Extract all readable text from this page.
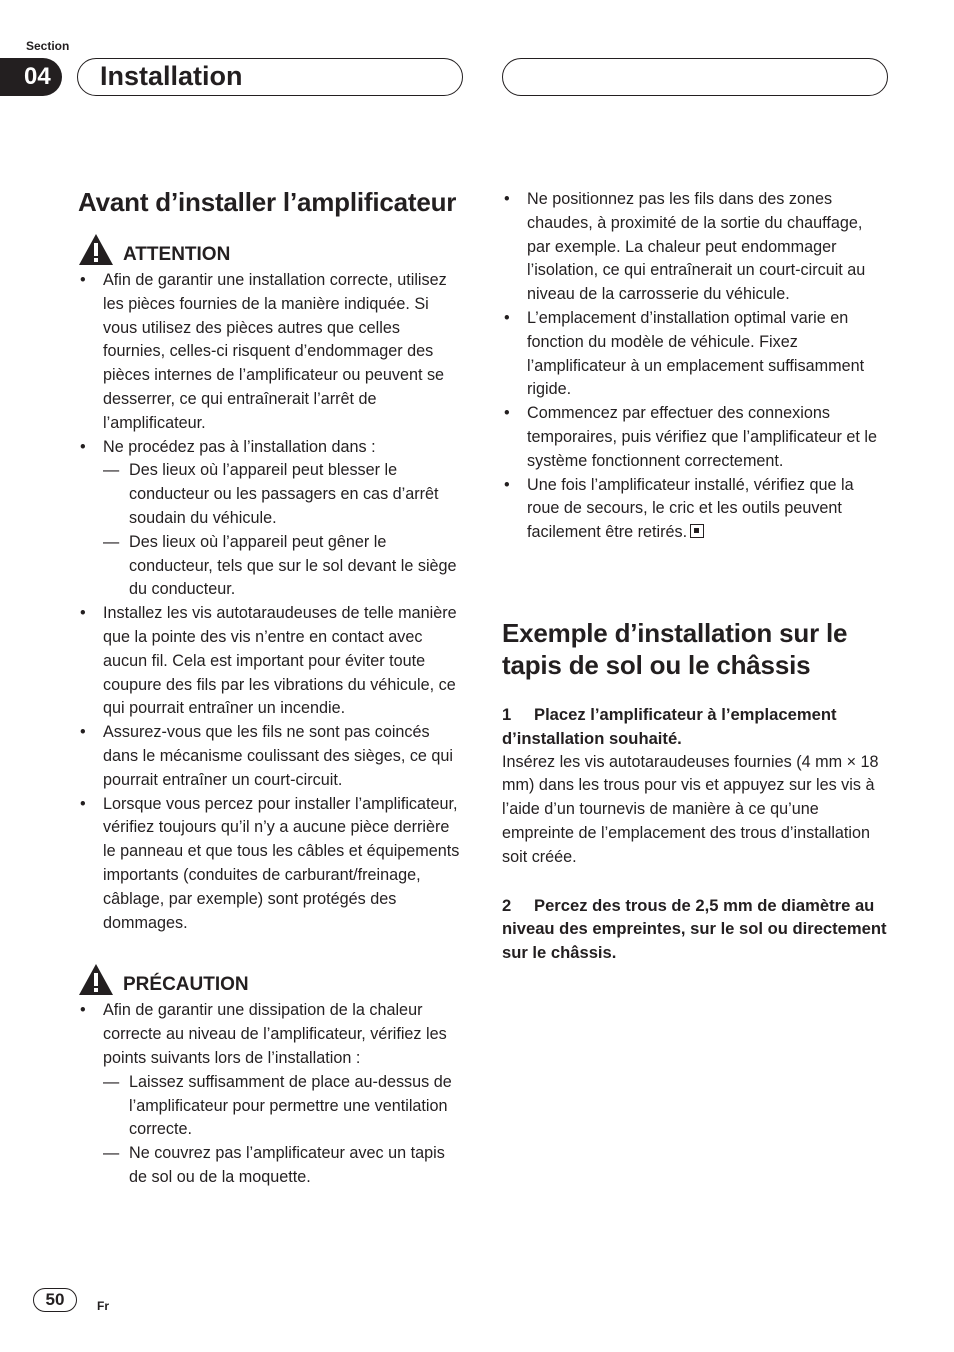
Section
04	Installation
Avant d’installer l’amplificateur
ATTENTION
• Afin de garantir une installation correcte, utilisez les pièces fournies de la manière indiquée. Si vous utilisez des pièces autres que celles fournies, celles-ci risquent d’endommager des pièces internes de l’amplificateur ou peuvent se desserrer, ce qui entraînerait l’arrêt de l’amplificateur.
• Ne procédez pas à l’installation dans :
— Des lieux où l’appareil peut blesser le conducteur ou les passagers en cas d’arrêt soudain du véhicule.
— Des lieux où l’appareil peut gêner le conducteur, tels que sur le sol devant le siège du conducteur.
• Installez les vis autotaraudeuses de telle manière que la pointe des vis n’entre en contact avec aucun fil. Cela est important pour éviter toute coupure des fils par les vibrations du véhicule, ce qui pourrait entraîner un incendie.
• Assurez-vous que les fils ne sont pas coincés dans le mécanisme coulissant des sièges, ce qui pourrait entraîner un court-circuit.
• Lorsque vous percez pour installer l’amplificateur, vérifiez toujours qu’il n’y a aucune pièce derrière le panneau et que tous les câbles et équipements importants (conduites de carburant/freinage, câblage, par exemple) sont protégés des dommages.
PRÉCAUTION
• Afin de garantir une dissipation de la chaleur correcte au niveau de l’amplificateur, vérifiez les points suivants lors de l’installation :
— Laissez suffisamment de place au-dessus de l’amplificateur pour permettre une ventilation correcte.
— Ne couvrez pas l’amplificateur avec un tapis de sol ou de la moquette.
• Ne positionnez pas les fils dans des zones chaudes, à proximité de la sortie du chauffage, par exemple. La chaleur peut endommager l’isolation, ce qui entraînerait un court-circuit au niveau de la carrosserie du véhicule.
• L’emplacement d’installation optimal varie en fonction du modèle de véhicule. Fixez l’amplificateur à un emplacement suffisamment rigide.
• Commencez par effectuer des connexions temporaires, puis vérifiez que l’amplificateur et le système fonctionnent correctement.
• Une fois l’amplificateur installé, vérifiez que la roue de secours, le cric et les outils peuvent facilement être retirés.
Exemple d’installation sur le tapis de sol ou le châssis

1 Placez l’amplificateur à l’emplacement d’installation souhaité.

Insérez les vis autotaraudeuses fournies (4 mm × 18 mm) dans les trous pour vis et appuyez sur les vis à l’aide d’un tournevis de manière à ce qu’une empreinte de l’emplacement des trous d’installation soit créée.

2 Percez des trous de 2,5 mm de diamètre au niveau des empreintes, sur le sol ou directement sur le châssis.

50	Fr
